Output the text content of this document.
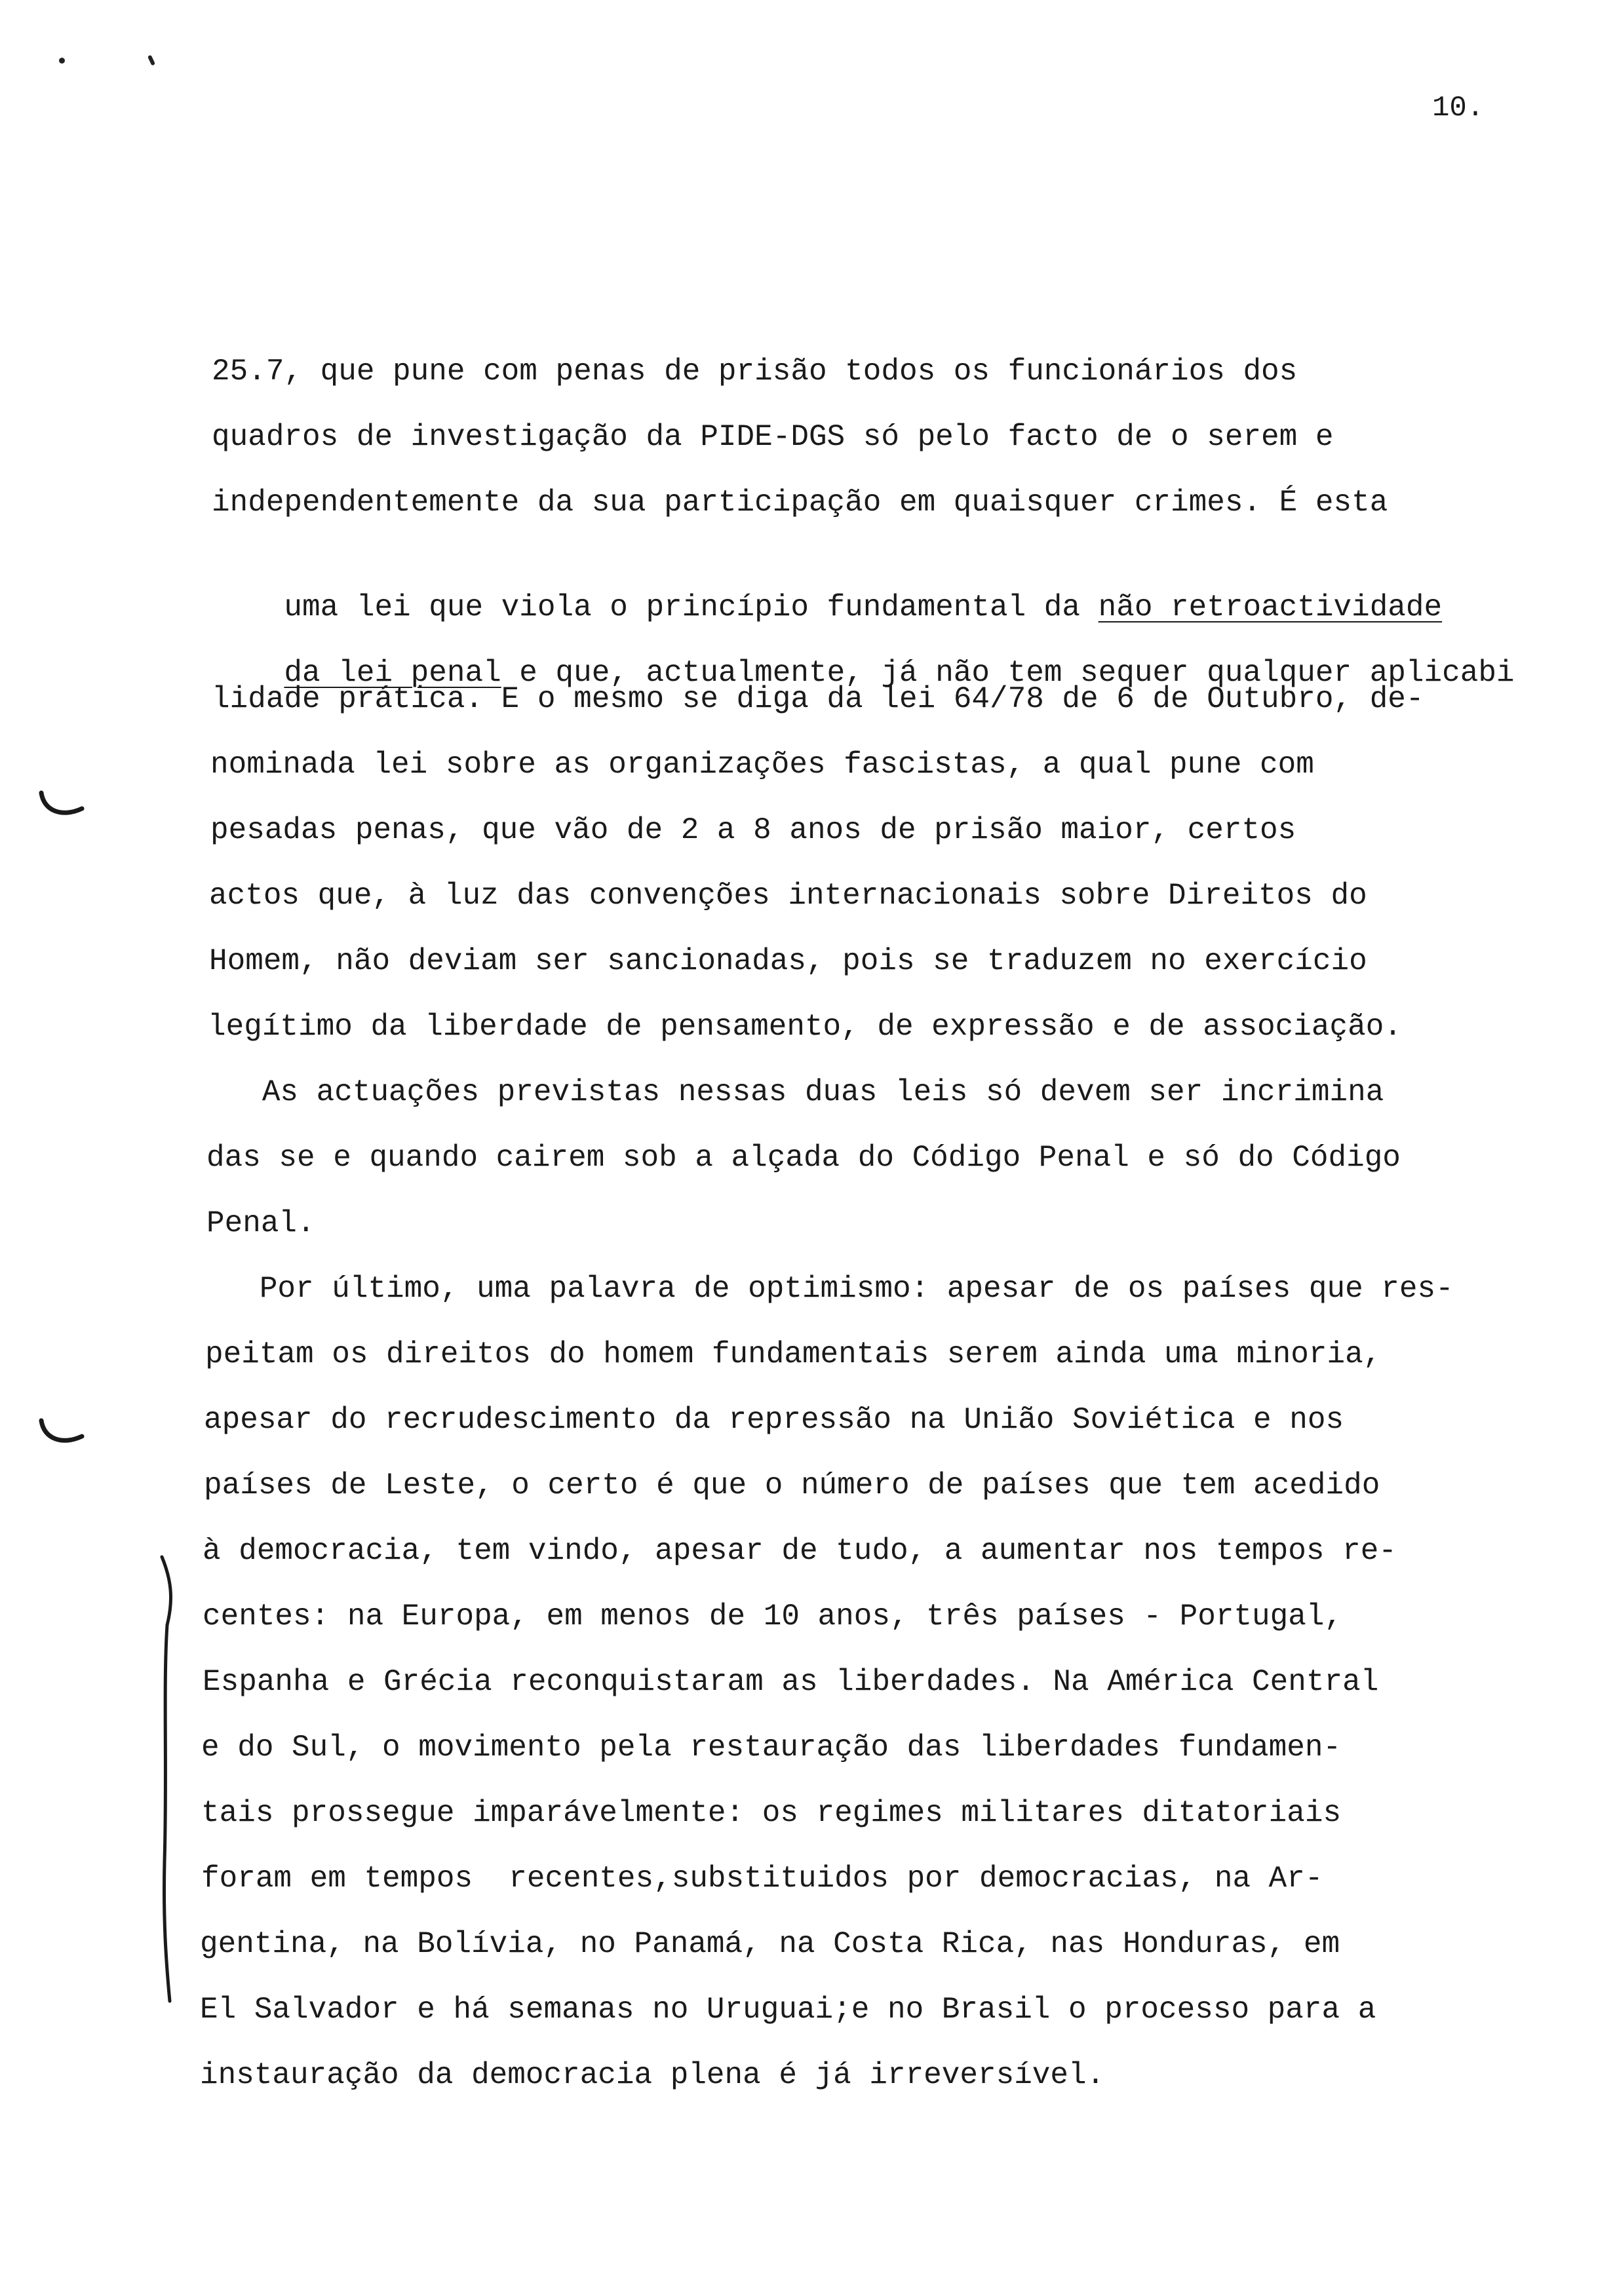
10.
25.7, que pune com penas de prisão todos os funcionários dos
quadros de investigação da PIDE-DGS só pelo facto de o serem e
independentemente da sua participação em quaisquer crimes. É esta

uma lei que viola o princípio fundamental da não retroactividade

da lei penal e que, actualmente, já não tem sequer qualquer aplicabi

lidade prática. E o mesmo se diga da lei 64/78 de 6 de Outubro, de-
nominada lei sobre as organizações fascistas, a qual pune com
pesadas penas, que vão de 2 a 8 anos de prisão maior, certos
actos que, à luz das convenções internacionais sobre Direitos do
Homem, não deviam ser sancionadas, pois se traduzem no exercício
legítimo da liberdade de pensamento, de expressão e de associação.
As actuações previstas nessas duas leis só devem ser incrimina
das se e quando cairem sob a alçada do Código Penal e só do Código
Penal.
Por último, uma palavra de optimismo: apesar de os países que res-
peitam os direitos do homem fundamentais serem ainda uma minoria,
apesar do recrudescimento da repressão na União Soviética e nos
países de Leste, o certo é que o número de países que tem acedido
à democracia, tem vindo, apesar de tudo, a aumentar nos tempos re-
centes: na Europa, em menos de 10 anos, três países - Portugal,
Espanha e Grécia reconquistaram as liberdades. Na América Central
e do Sul, o movimento pela restauração das liberdades fundamen-
tais prossegue imparávelmente: os regimes militares ditatoriais
foram em tempos  recentes,substituidos por democracias, na Ar-
gentina, na Bolívia, no Panamá, na Costa Rica, nas Honduras, em
El Salvador e há semanas no Uruguai;e no Brasil o processo para a
instauração da democracia plena é já irreversível.
